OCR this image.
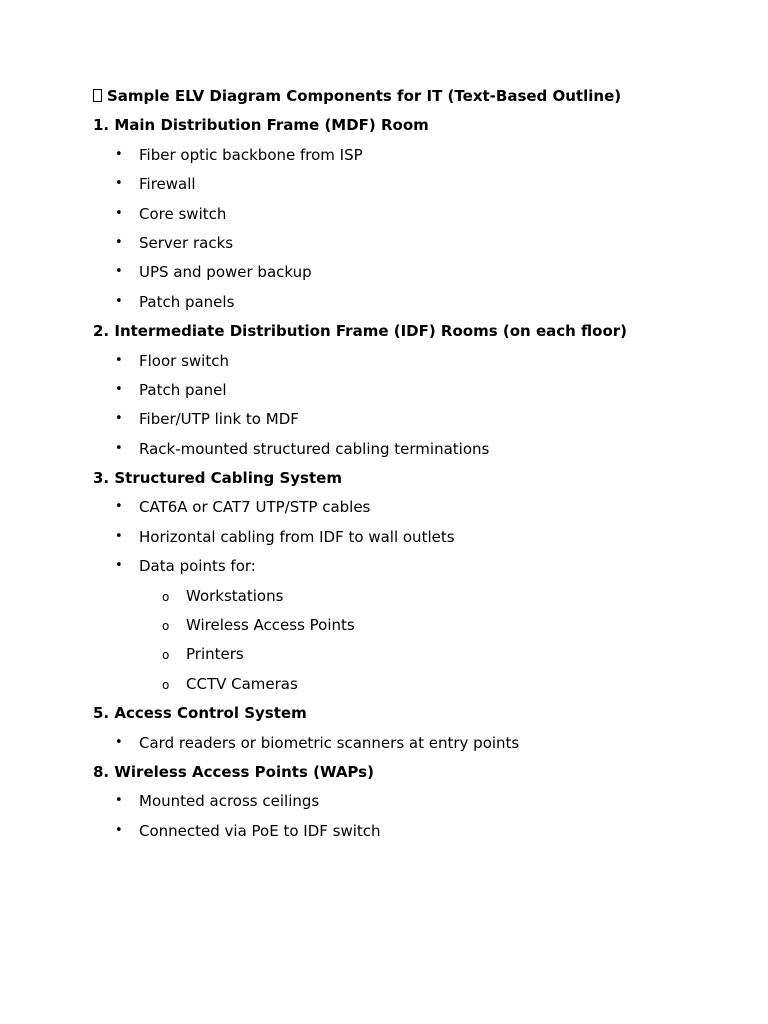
Sample ELV Diagram Components for IT (Text-Based Outline)
1. Main Distribution Frame (MDF) Room
• Fiber optic backbone from ISP
• Firewall
• Core switch
• Server racks
• UPS and power backup
• Patch panels
2. Intermediate Distribution Frame (IDF) Rooms (on each floor)
• Floor switch
• Patch panel
• Fiber/UTP link to MDF
• Rack-mounted structured cabling terminations
3. Structured Cabling System
• CAT6A or CAT7 UTP/STP cables
• Horizontal cabling from IDF to wall outlets
• Data points for:
o Workstations
o Wireless Access Points
o Printers
o CCTV Cameras
5. Access Control System
• Card readers or biometric scanners at entry points
8. Wireless Access Points (WAPs)
• Mounted across ceilings
• Connected via PoE to IDF switch
